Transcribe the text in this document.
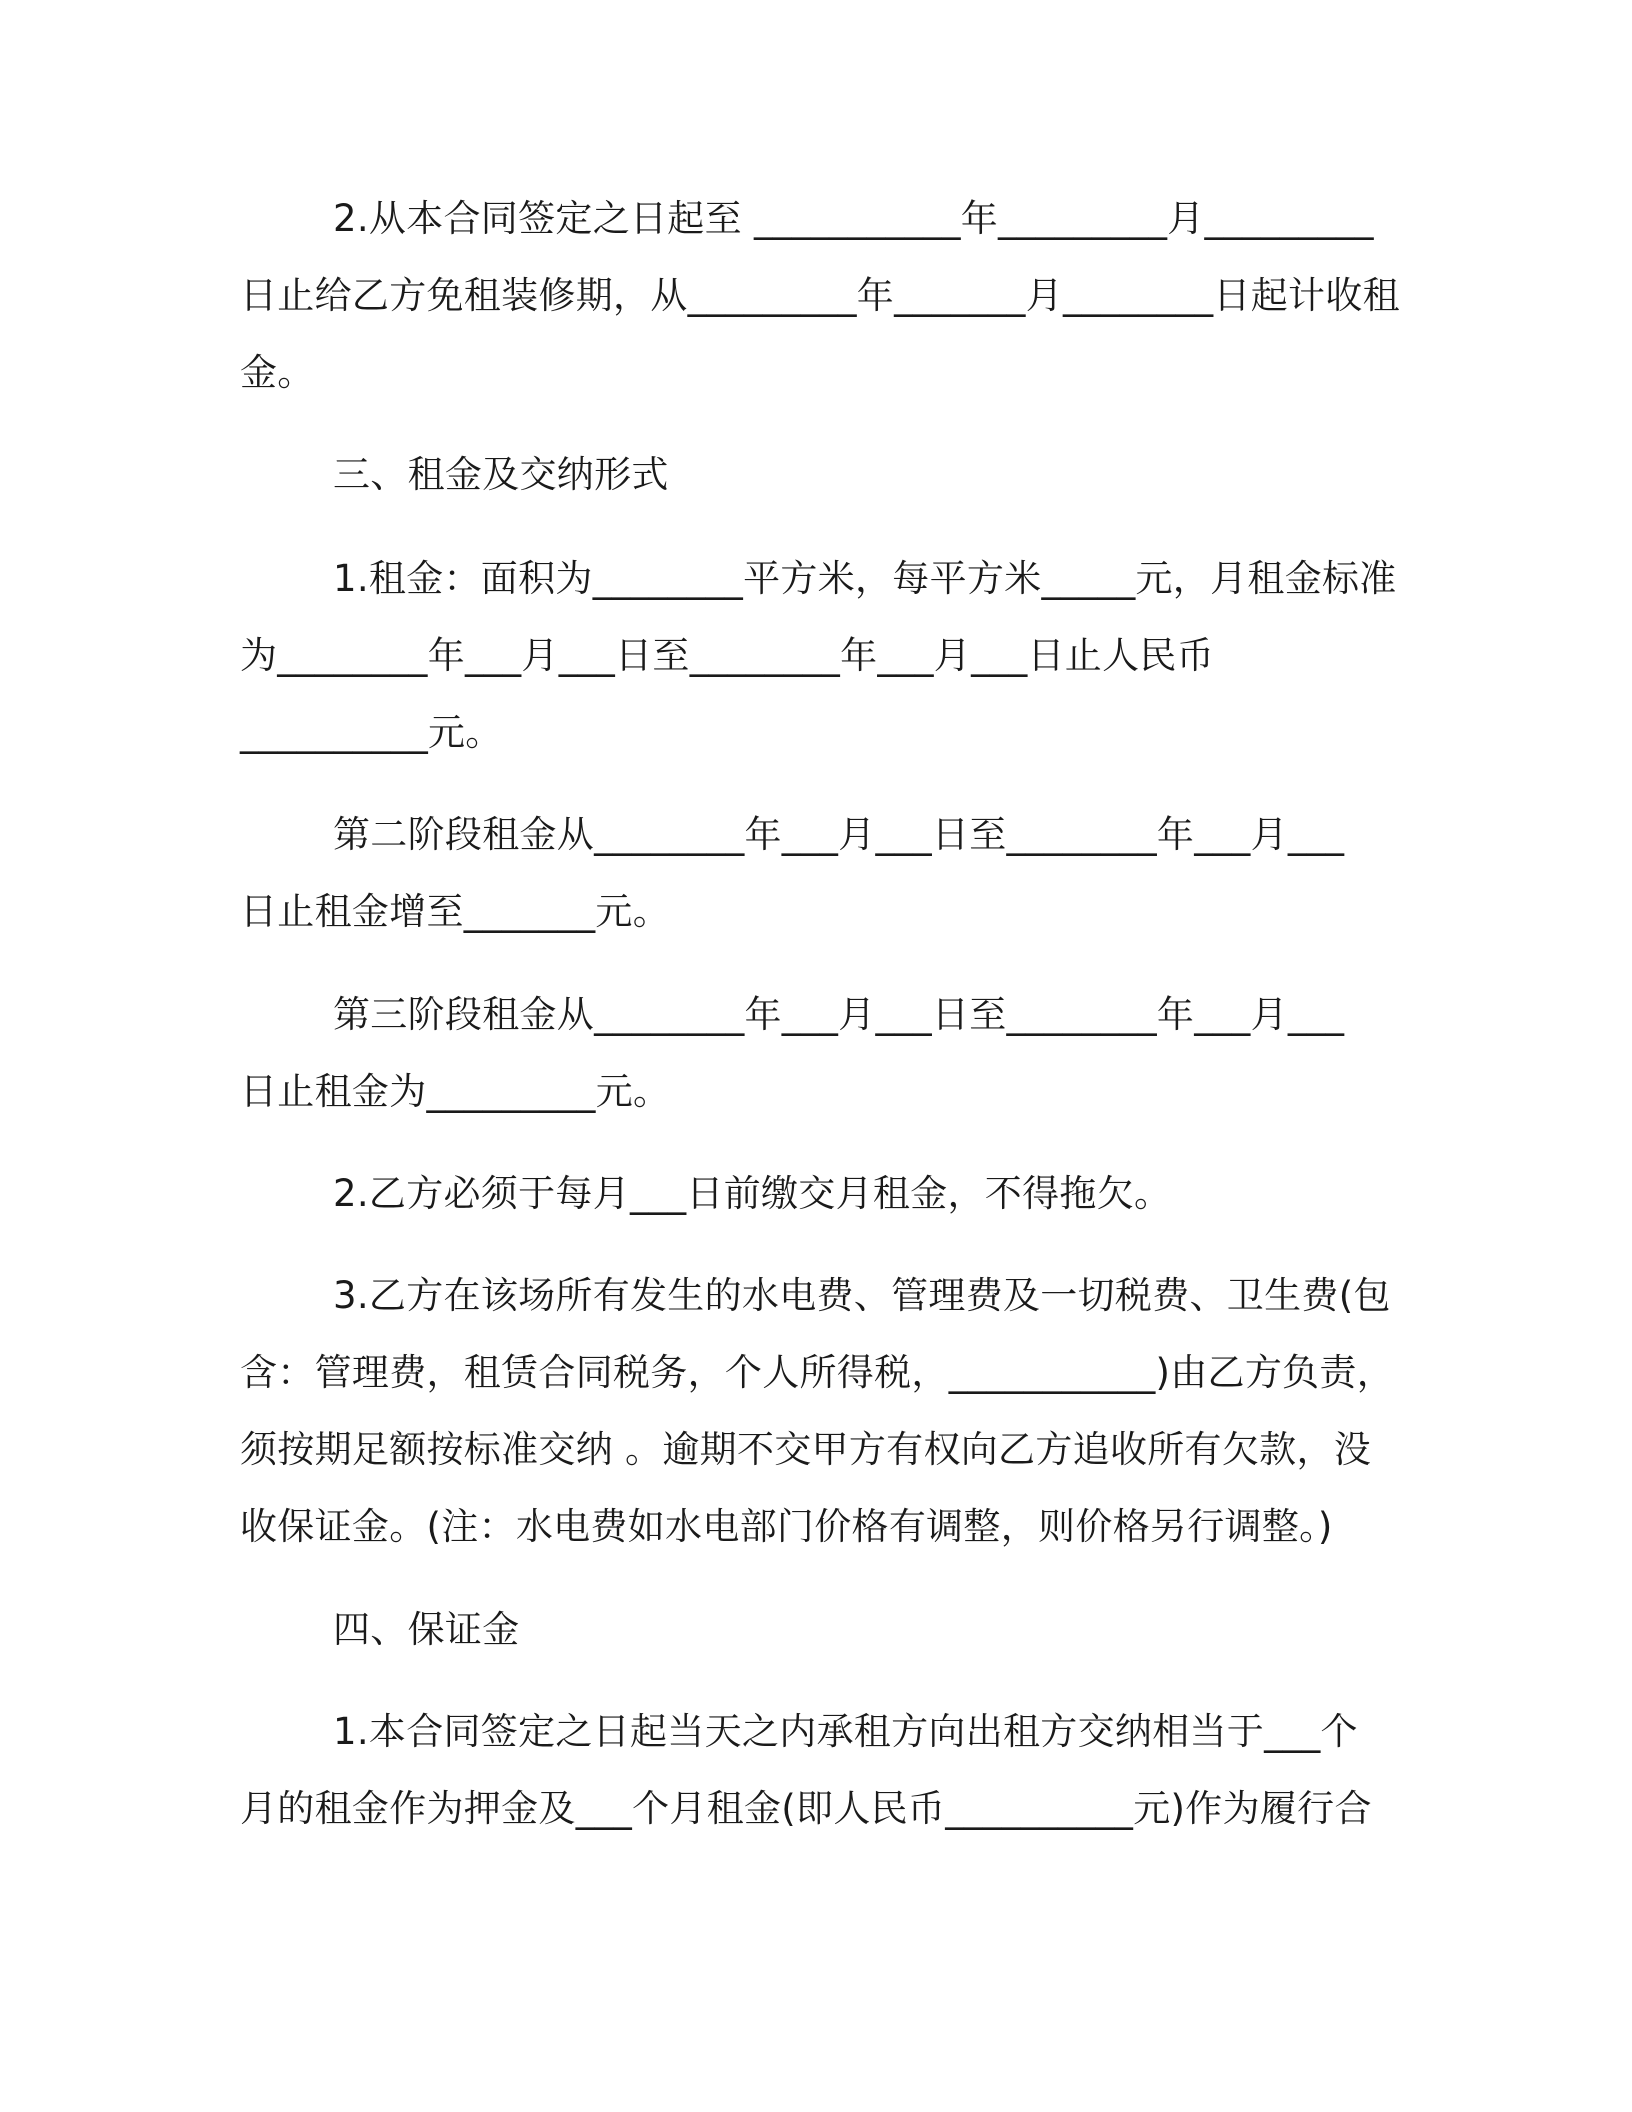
2.从本合同签定之日起至 ___________年_________月_________

日止给乙方免租装修期，从_________年_______月________日起计收租

金。

三、租金及交纳形式

1.租金：面积为________平方米，每平方米_____元，月租金标准

为________年___月___日至________年___月___日止人民币

__________元。

第二阶段租金从________年___月___日至________年___月___

日止租金增至_______元。

第三阶段租金从________年___月___日至________年___月___

日止租金为_________元。

2.乙方必须于每月___日前缴交月租金，不得拖欠。

3.乙方在该场所有发生的水电费、管理费及一切税费、卫生费(包

含：管理费，租赁合同税务，个人所得税，___________)由乙方负责，

须按期足额按标准交纳 。逾期不交甲方有权向乙方追收所有欠款，没

收保证金。(注：水电费如水电部门价格有调整，则价格另行调整。)

四、保证金

1.本合同签定之日起当天之内承租方向出租方交纳相当于___个

月的租金作为押金及___个月租金(即人民币__________元)作为履行合
